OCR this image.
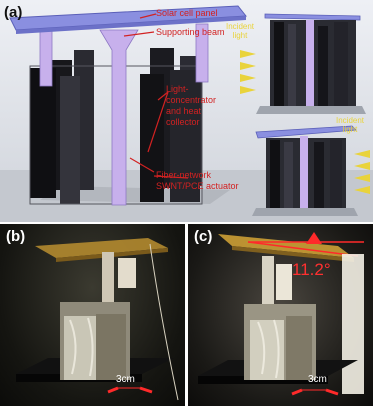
(a)	Solar cell panel
Supporting beam
Light-
concentrator
and heat
collector
Fiber-network
SWNT/PCE actuator
Incident
light
Incident
light
(b)
3cm
(c)
11.2°
3cm
